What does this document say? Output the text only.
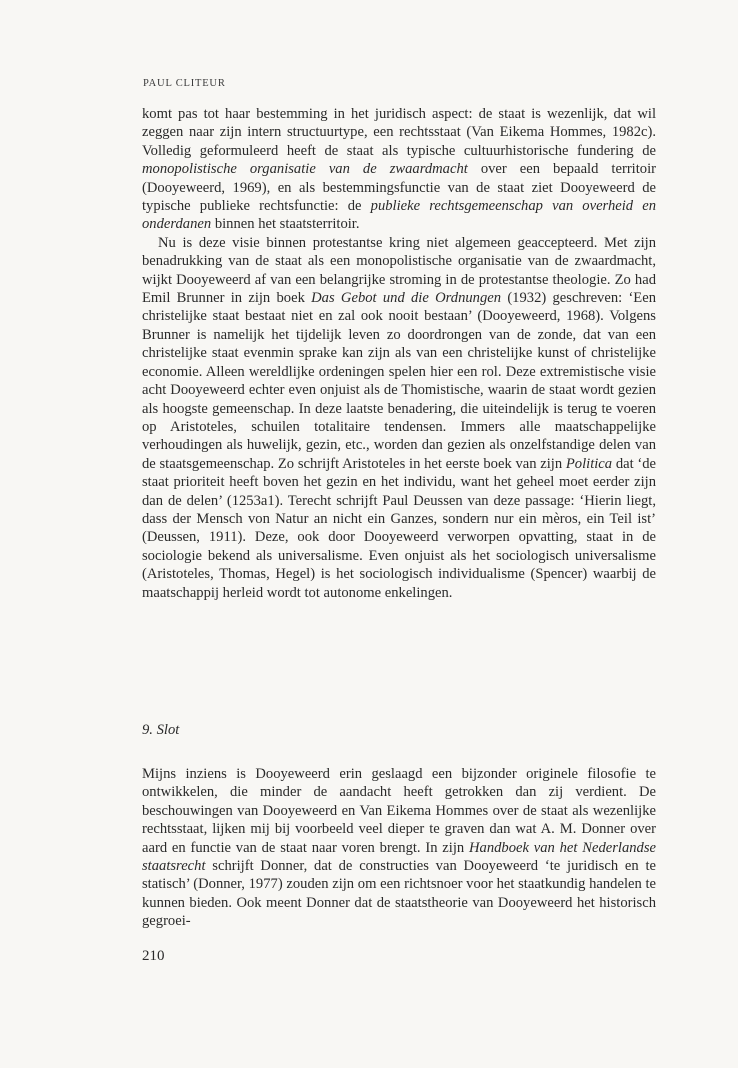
PAUL CLITEUR

komt pas tot haar bestemming in het juridisch aspect: de staat is wezenlijk, dat wil zeggen naar zijn intern structuurtype, een rechtsstaat (Van Eikema Hommes, 1982c). Volledig geformuleerd heeft de staat als typische cultuurhistorische fundering de monopolistische organisatie van de zwaardmacht over een bepaald territoir (Dooyeweerd, 1969), en als bestemmingsfunctie van de staat ziet Dooyeweerd de typische publieke rechtsfunctie: de publieke rechtsgemeenschap van overheid en onderdanen binnen het staatsterritoir.

Nu is deze visie binnen protestantse kring niet algemeen geaccepteerd. Met zijn benadrukking van de staat als een monopolistische organisatie van de zwaardmacht, wijkt Dooyeweerd af van een belangrijke stroming in de protestantse theologie. Zo had Emil Brunner in zijn boek Das Gebot und die Ordnungen (1932) geschreven: ‘Een christelijke staat bestaat niet en zal ook nooit bestaan’ (Dooyeweerd, 1968). Volgens Brunner is namelijk het tijdelijk leven zo doordrongen van de zonde, dat van een christelijke staat evenmin sprake kan zijn als van een christelijke kunst of christelijke economie. Alleen wereldlijke ordeningen spelen hier een rol. Deze extremistische visie acht Dooyeweerd echter even onjuist als de Thomistische, waarin de staat wordt gezien als hoogste gemeenschap. In deze laatste benadering, die uiteindelijk is terug te voeren op Aristoteles, schuilen totalitaire tendensen. Immers alle maatschappelijke verhoudingen als huwelijk, gezin, etc., worden dan gezien als onzelfstandige delen van de staatsgemeenschap. Zo schrijft Aristoteles in het eerste boek van zijn Politica dat ‘de staat prioriteit heeft boven het gezin en het individu, want het geheel moet eerder zijn dan de delen’ (1253a1). Terecht schrijft Paul Deussen van deze passage: ‘Hierin liegt, dass der Mensch von Natur an nicht ein Ganzes, sondern nur ein mèros, ein Teil ist’ (Deussen, 1911). Deze, ook door Dooyeweerd verworpen opvatting, staat in de sociologie bekend als universalisme. Even onjuist als het sociologisch universalisme (Aristoteles, Thomas, Hegel) is het sociologisch individualisme (Spencer) waarbij de maatschappij herleid wordt tot autonome enkelingen.

9. Slot

Mijns inziens is Dooyeweerd erin geslaagd een bijzonder originele filosofie te ontwikkelen, die minder de aandacht heeft getrokken dan zij verdient. De beschouwingen van Dooyeweerd en Van Eikema Hommes over de staat als wezenlijke rechtsstaat, lijken mij bij voorbeeld veel dieper te graven dan wat A. M. Donner over aard en functie van de staat naar voren brengt. In zijn Handboek van het Nederlandse staatsrecht schrijft Donner, dat de constructies van Dooyeweerd ‘te juridisch en te statisch’ (Donner, 1977) zouden zijn om een richtsnoer voor het staatkundig handelen te kunnen bieden. Ook meent Donner dat de staatstheorie van Dooyeweerd het historisch gegroei-

210
